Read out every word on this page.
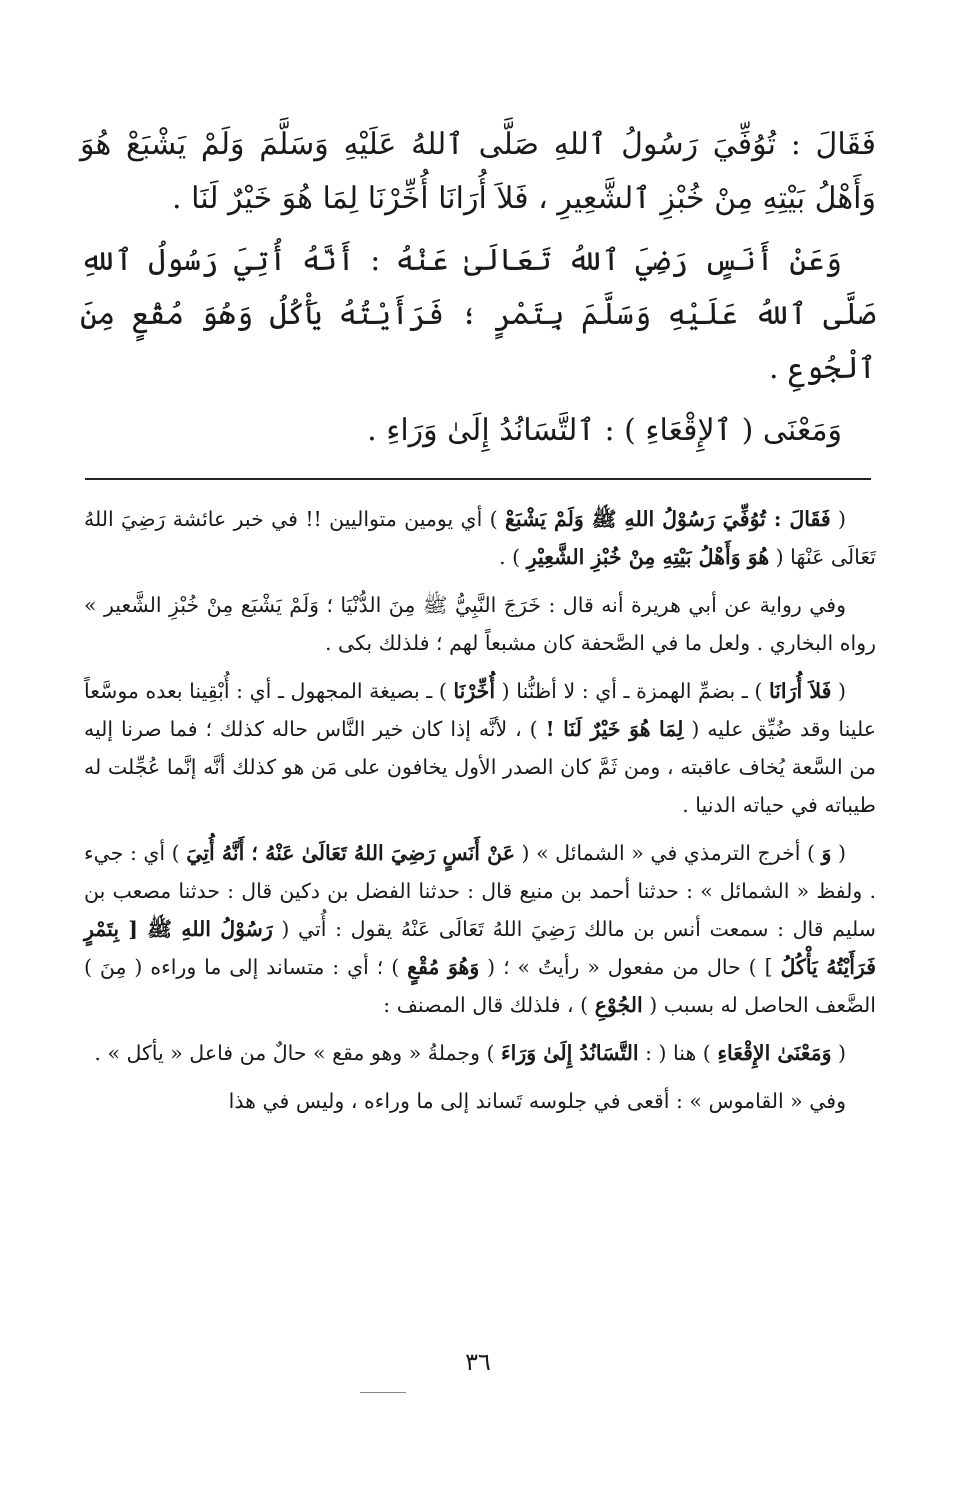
فَقَالَ : تُوُفِّيَ رَسُولُ ٱللهِ صَلَّى ٱللهُ عَلَيْهِ وَسَلَّمَ وَلَمْ يَشْبَعْ هُوَ وَأَهْلُ بَيْتِهِ مِنْ خُبْزِ ٱلشَّعِيرِ ، فَلاَ أُرَانَا أُخِّرْنَا لِمَا هُوَ خَيْرٌ لَنَا .

وَعَنْ أَنَسٍ رَضِيَ ٱللهُ تَعَالَىٰ عَنْهُ : أَنَّهُ أُتِيَ رَسُولُ ٱللهِ صَلَّى ٱللهُ عَلَيْهِ وَسَلَّمَ بِتَمْرٍ ؛ فَرَأَيْتُهُ يَأْكُلُ وَهُوَ مُقْعٍ مِنَ ٱلْجُوعِ .

وَمَعْنَى ( ٱلإِقْعَاءِ ) : ٱلتَّسَانُدُ إِلَىٰ وَرَاءِ .

( فَقَالَ : تُوُفِّيَ رَسُوْلُ اللهِ ﷺ وَلَمْ يَشْبَعْ ) أي يومين متواليين !! في خبر عائشة رَضِيَ اللهُ تَعَالَى عَنْهَا ( هُوَ وَأَهْلُ بَيْتِهِ مِنْ خُبْزِ الشَّعِيْرِ ) .

وفي رواية عن أبي هريرة أنه قال : خَرَجَ النَّبِيُّ ﷺ مِنَ الدُّنْيَا ؛ وَلَمْ يَشْبَع مِنْ خُبْزِ الشَّعير » رواه البخاري . ولعل ما في الصَّحفة كان مشبعاً لهم ؛ فلذلك بكى .

( فَلاَ أُرَانَا ) ـ بضمِّ الهمزة ـ أي : لا أظنُّنا ( أُخِّرْنَا ) ـ بصيغة المجهول ـ أي : أُبْقِينا بعده موسَّعاً علينا وقد ضُيِّق عليه ( لِمَا هُوَ خَيْرٌ لَنَا ! ) ، لأنَّه إذا كان خير النَّاس حاله كذلك ؛ فما صرنا إليه من السَّعة يُخاف عاقبته ، ومن ثَمَّ كان الصدر الأول يخافون على مَن هو كذلك أنَّه إنَّما عُجِّلت له طيباته في حياته الدنيا .

( وَ ) أخرج الترمذي في « الشمائل » ( عَنْ أَنَسٍ رَضِيَ اللهُ تَعَالَىٰ عَنْهُ ؛ أَنَّهُ أُتِيَ ) أي : جيء . ولفظ « الشمائل » : حدثنا أحمد بن منيع قال : حدثنا الفضل بن دكين قال : حدثنا مصعب بن سليم قال : سمعت أنس بن مالك رَضِيَ اللهُ تَعَالَى عَنْهُ يقول : أُتي ( رَسُوْلُ اللهِ ﷺ [ بِتَمْرٍ فَرَأَيْتُهُ يَأْكُلُ ] ) حال من مفعول « رأيتُ » ؛ ( وَهُوَ مُقْعٍ ) ؛ أي : متساند إلى ما وراءه ( مِنَ ) الضَّعف الحاصل له بسبب ( الجُوْعِ ) ، فلذلك قال المصنف :

( وَمَعْنَىٰ الإِقْعَاءِ ) هنا ( : التَّسَانُدُ إِلَىٰ وَرَاءَ ) وجملةُ « وهو مقع » حالٌ من فاعل « يأكل » .

وفي « القاموس » : أقعى في جلوسه تَساند إلى ما وراءه ، وليس في هذا

٣٦
